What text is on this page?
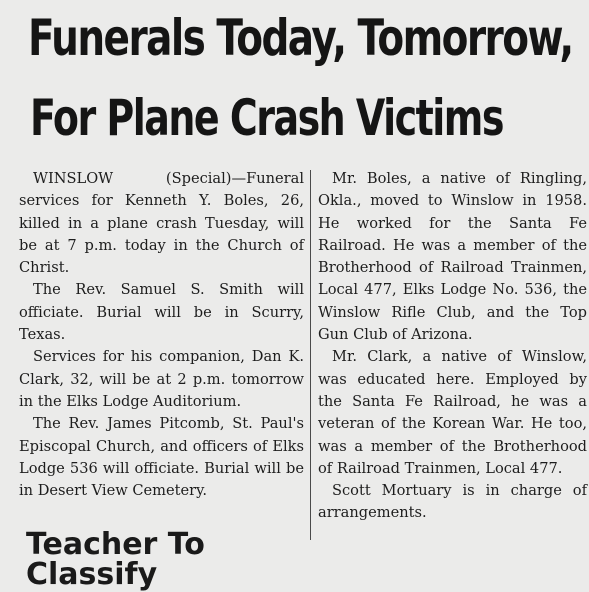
Funerals Today, Tomorrow,
For Plane Crash Victims

WINSLOW (Special)—Funeral services for Kenneth Y. Boles, 26, killed in a plane crash Tuesday, will be at 7 p.m. today in the Church of Christ.

The Rev. Samuel S. Smith will officiate. Burial will be in Scurry, Texas.

Services for his companion, Dan K. Clark, 32, will be at 2 p.m. tomorrow in the Elks Lodge Auditorium.

The Rev. James Pitcomb, St. Paul's Episcopal Church, and officers of Elks Lodge 536 will officiate. Burial will be in Desert View Cemetery.

Mr. Boles, a native of Ringling, Okla., moved to Winslow in 1958. He worked for the Santa Fe Railroad. He was a member of the Brotherhood of Railroad Trainmen, Local 477, Elks Lodge No. 536, the Winslow Rifle Club, and the Top Gun Club of Arizona.

Mr. Clark, a native of Winslow, was educated here. Employed by the Santa Fe Railroad, he was a veteran of the Korean War. He too, was a member of the Brotherhood of Railroad Trainmen, Local 477.

Scott Mortuary is in charge of arrangements.

Teacher To Classify
